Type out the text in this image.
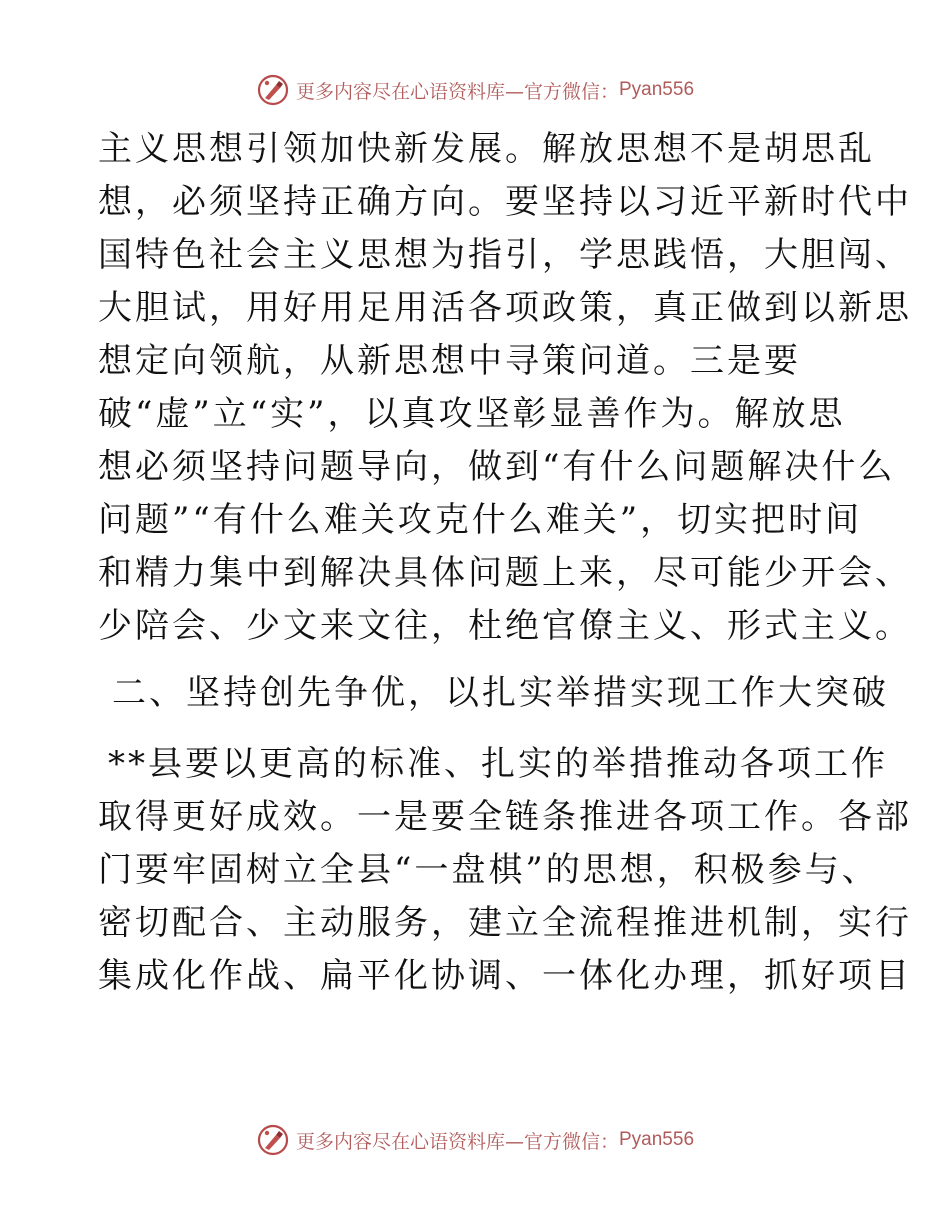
更多内容尽在心语资料库—官方微信： Pyan556
主义思想引领加快新发展。解放思想不是胡思乱
想，必须坚持正确方向。要坚持以习近平新时代中
国特色社会主义思想为指引，学思践悟，大胆闯、
大胆试，用好用足用活各项政策，真正做到以新思
想定向领航，从新思想中寻策问道。三是要
破“虚”立“实”，以真攻坚彰显善作为。解放思
想必须坚持问题导向，做到“有什么问题解决什么
问题”“有什么难关攻克什么难关”，切实把时间
和精力集中到解决具体问题上来，尽可能少开会、
少陪会、少文来文往，杜绝官僚主义、形式主义。
二、坚持创先争优，以扎实举措实现工作大突破
**县要以更高的标准、扎实的举措推动各项工作
取得更好成效。一是要全链条推进各项工作。各部
门要牢固树立全县“一盘棋”的思想，积极参与、
密切配合、主动服务，建立全流程推进机制，实行
集成化作战、扁平化协调、一体化办理，抓好项目
更多内容尽在心语资料库—官方微信： Pyan556
